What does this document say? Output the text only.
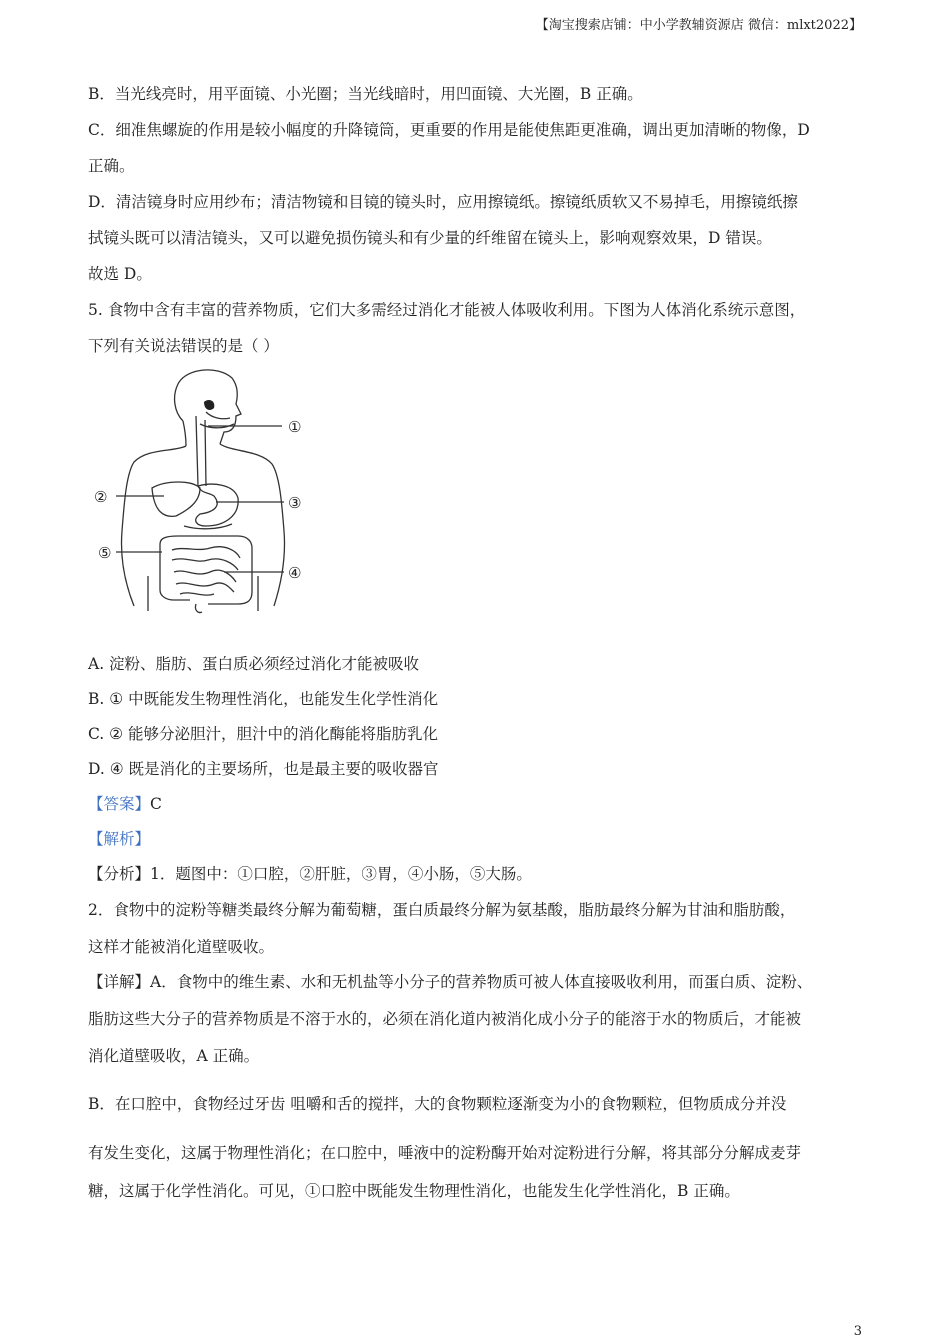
【淘宝搜索店铺：中小学教辅资源店 微信：mlxt2022】
B．当光线亮时，用平面镜、小光圈；当光线暗时，用凹面镜、大光圈，B 正确。
C．细准焦螺旋的作用是较小幅度的升降镜筒，更重要的作用是能使焦距更准确，调出更加清晰的物像，D
正确。
D．清洁镜身时应用纱布；清洁物镜和目镜的镜头时，应用擦镜纸。擦镜纸质软又不易掉毛，用擦镜纸擦
拭镜头既可以清洁镜头，又可以避免损伤镜头和有少量的纤维留在镜头上，影响观察效果，D 错误。
故选 D。
5. 食物中含有丰富的营养物质，它们大多需经过消化才能被人体吸收利用。下图为人体消化系统示意图，
下列有关说法错误的是（ ）
①
②	③
④
⑤
A. 淀粉、脂肪、蛋白质必须经过消化才能被吸收
B. ① 中既能发生物理性消化，也能发生化学性消化
C. ② 能够分泌胆汁，胆汁中的消化酶能将脂肪乳化
D. ④ 既是消化的主要场所，也是最主要的吸收器官
【答案】C
【解析】
【分析】1．题图中：①口腔，②肝脏，③胃，④小肠，⑤大肠。
2．食物中的淀粉等糖类最终分解为葡萄糖，蛋白质最终分解为氨基酸，脂肪最终分解为甘油和脂肪酸，
这样才能被消化道壁吸收。
【详解】A．食物中的维生素、水和无机盐等小分子的营养物质可被人体直接吸收利用，而蛋白质、淀粉、
脂肪这些大分子的营养物质是不溶于水的，必须在消化道内被消化成小分子的能溶于水的物质后，才能被
消化道壁吸收，A 正确。
B．在口腔中，食物经过牙齿 咀嚼和舌的搅拌，大的食物颗粒逐渐变为小的食物颗粒，但物质成分并没
有发生变化，这属于物理性消化；在口腔中，唾液中的淀粉酶开始对淀粉进行分解，将其部分分解成麦芽
糖，这属于化学性消化。可见，①口腔中既能发生物理性消化，也能发生化学性消化，B 正确。
3
